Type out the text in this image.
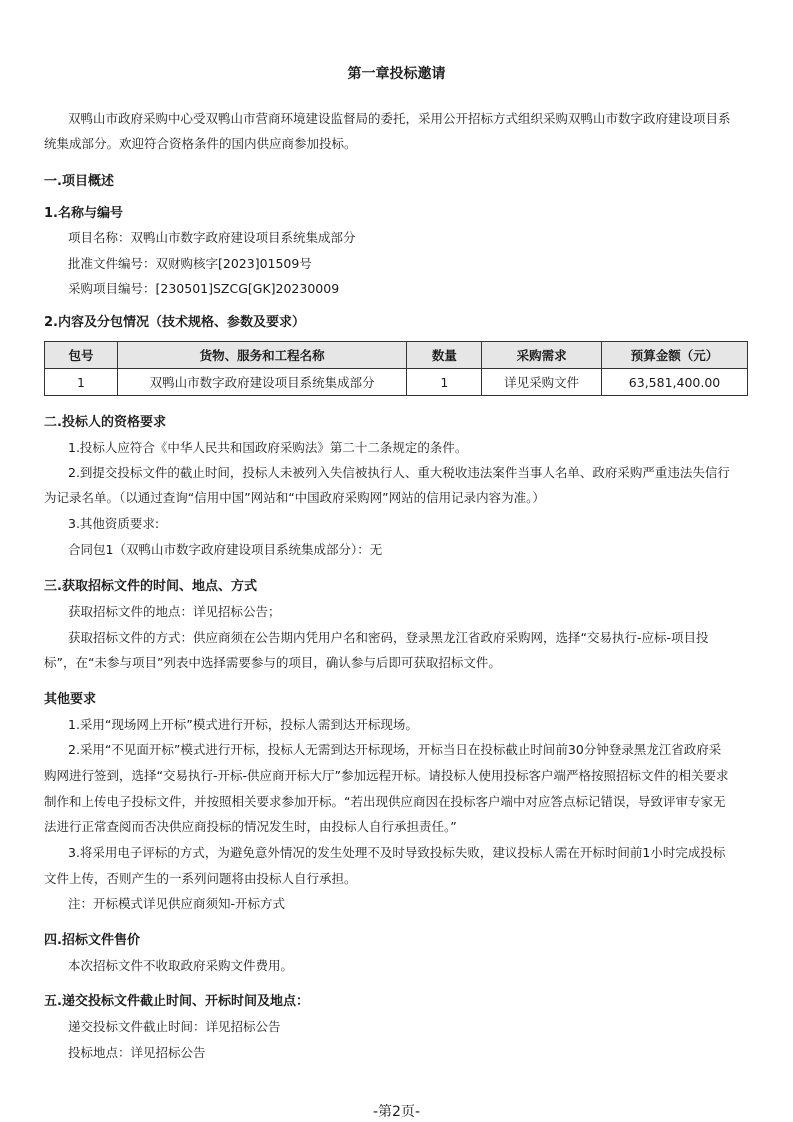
第一章投标邀请
双鸭山市政府采购中心受双鸭山市营商环境建设监督局的委托，采用公开招标方式组织采购双鸭山市数字政府建设项目系
统集成部分。欢迎符合资格条件的国内供应商参加投标。
一.项目概述
1.名称与编号
项目名称：双鸭山市数字政府建设项目系统集成部分
批准文件编号：双财购核字[2023]01509号
采购项目编号：[230501]SZCG[GK]20230009
2.内容及分包情况（技术规格、参数及要求）
包号	货物、服务和工程名称	数量	采购需求	预算金额（元）
1	双鸭山市数字政府建设项目系统集成部分	1	详见采购文件	63,581,400.00
二.投标人的资格要求
1.投标人应符合《中华人民共和国政府采购法》第二十二条规定的条件。
2.到提交投标文件的截止时间，投标人未被列入失信被执行人、重大税收违法案件当事人名单、政府采购严重违法失信行
为记录名单。（以通过查询“信用中国”网站和“中国政府采购网”网站的信用记录内容为准。）
3.其他资质要求:
合同包1（双鸭山市数字政府建设项目系统集成部分）：无
三.获取招标文件的时间、地点、方式
获取招标文件的地点：详见招标公告；
获取招标文件的方式：供应商须在公告期内凭用户名和密码，登录黑龙江省政府采购网，选择“交易执行-应标-项目投
标”，在“未参与项目”列表中选择需要参与的项目，确认参与后即可获取招标文件。
其他要求
1.采用“现场网上开标”模式进行开标，投标人需到达开标现场。
2.采用“不见面开标”模式进行开标，投标人无需到达开标现场，开标当日在投标截止时间前30分钟登录黑龙江省政府采
购网进行签到，选择“交易执行-开标-供应商开标大厅”参加远程开标。请投标人使用投标客户端严格按照招标文件的相关要求
制作和上传电子投标文件，并按照相关要求参加开标。“若出现供应商因在投标客户端中对应答点标记错误，导致评审专家无
法进行正常查阅而否决供应商投标的情况发生时，由投标人自行承担责任。”
3.将采用电子评标的方式，为避免意外情况的发生处理不及时导致投标失败，建议投标人需在开标时间前1小时完成投标
文件上传，否则产生的一系列问题将由投标人自行承担。
注：开标模式详见供应商须知-开标方式
四.招标文件售价
本次招标文件不收取政府采购文件费用。
五.递交投标文件截止时间、开标时间及地点：
递交投标文件截止时间：详见招标公告
投标地点：详见招标公告
-第2页-
